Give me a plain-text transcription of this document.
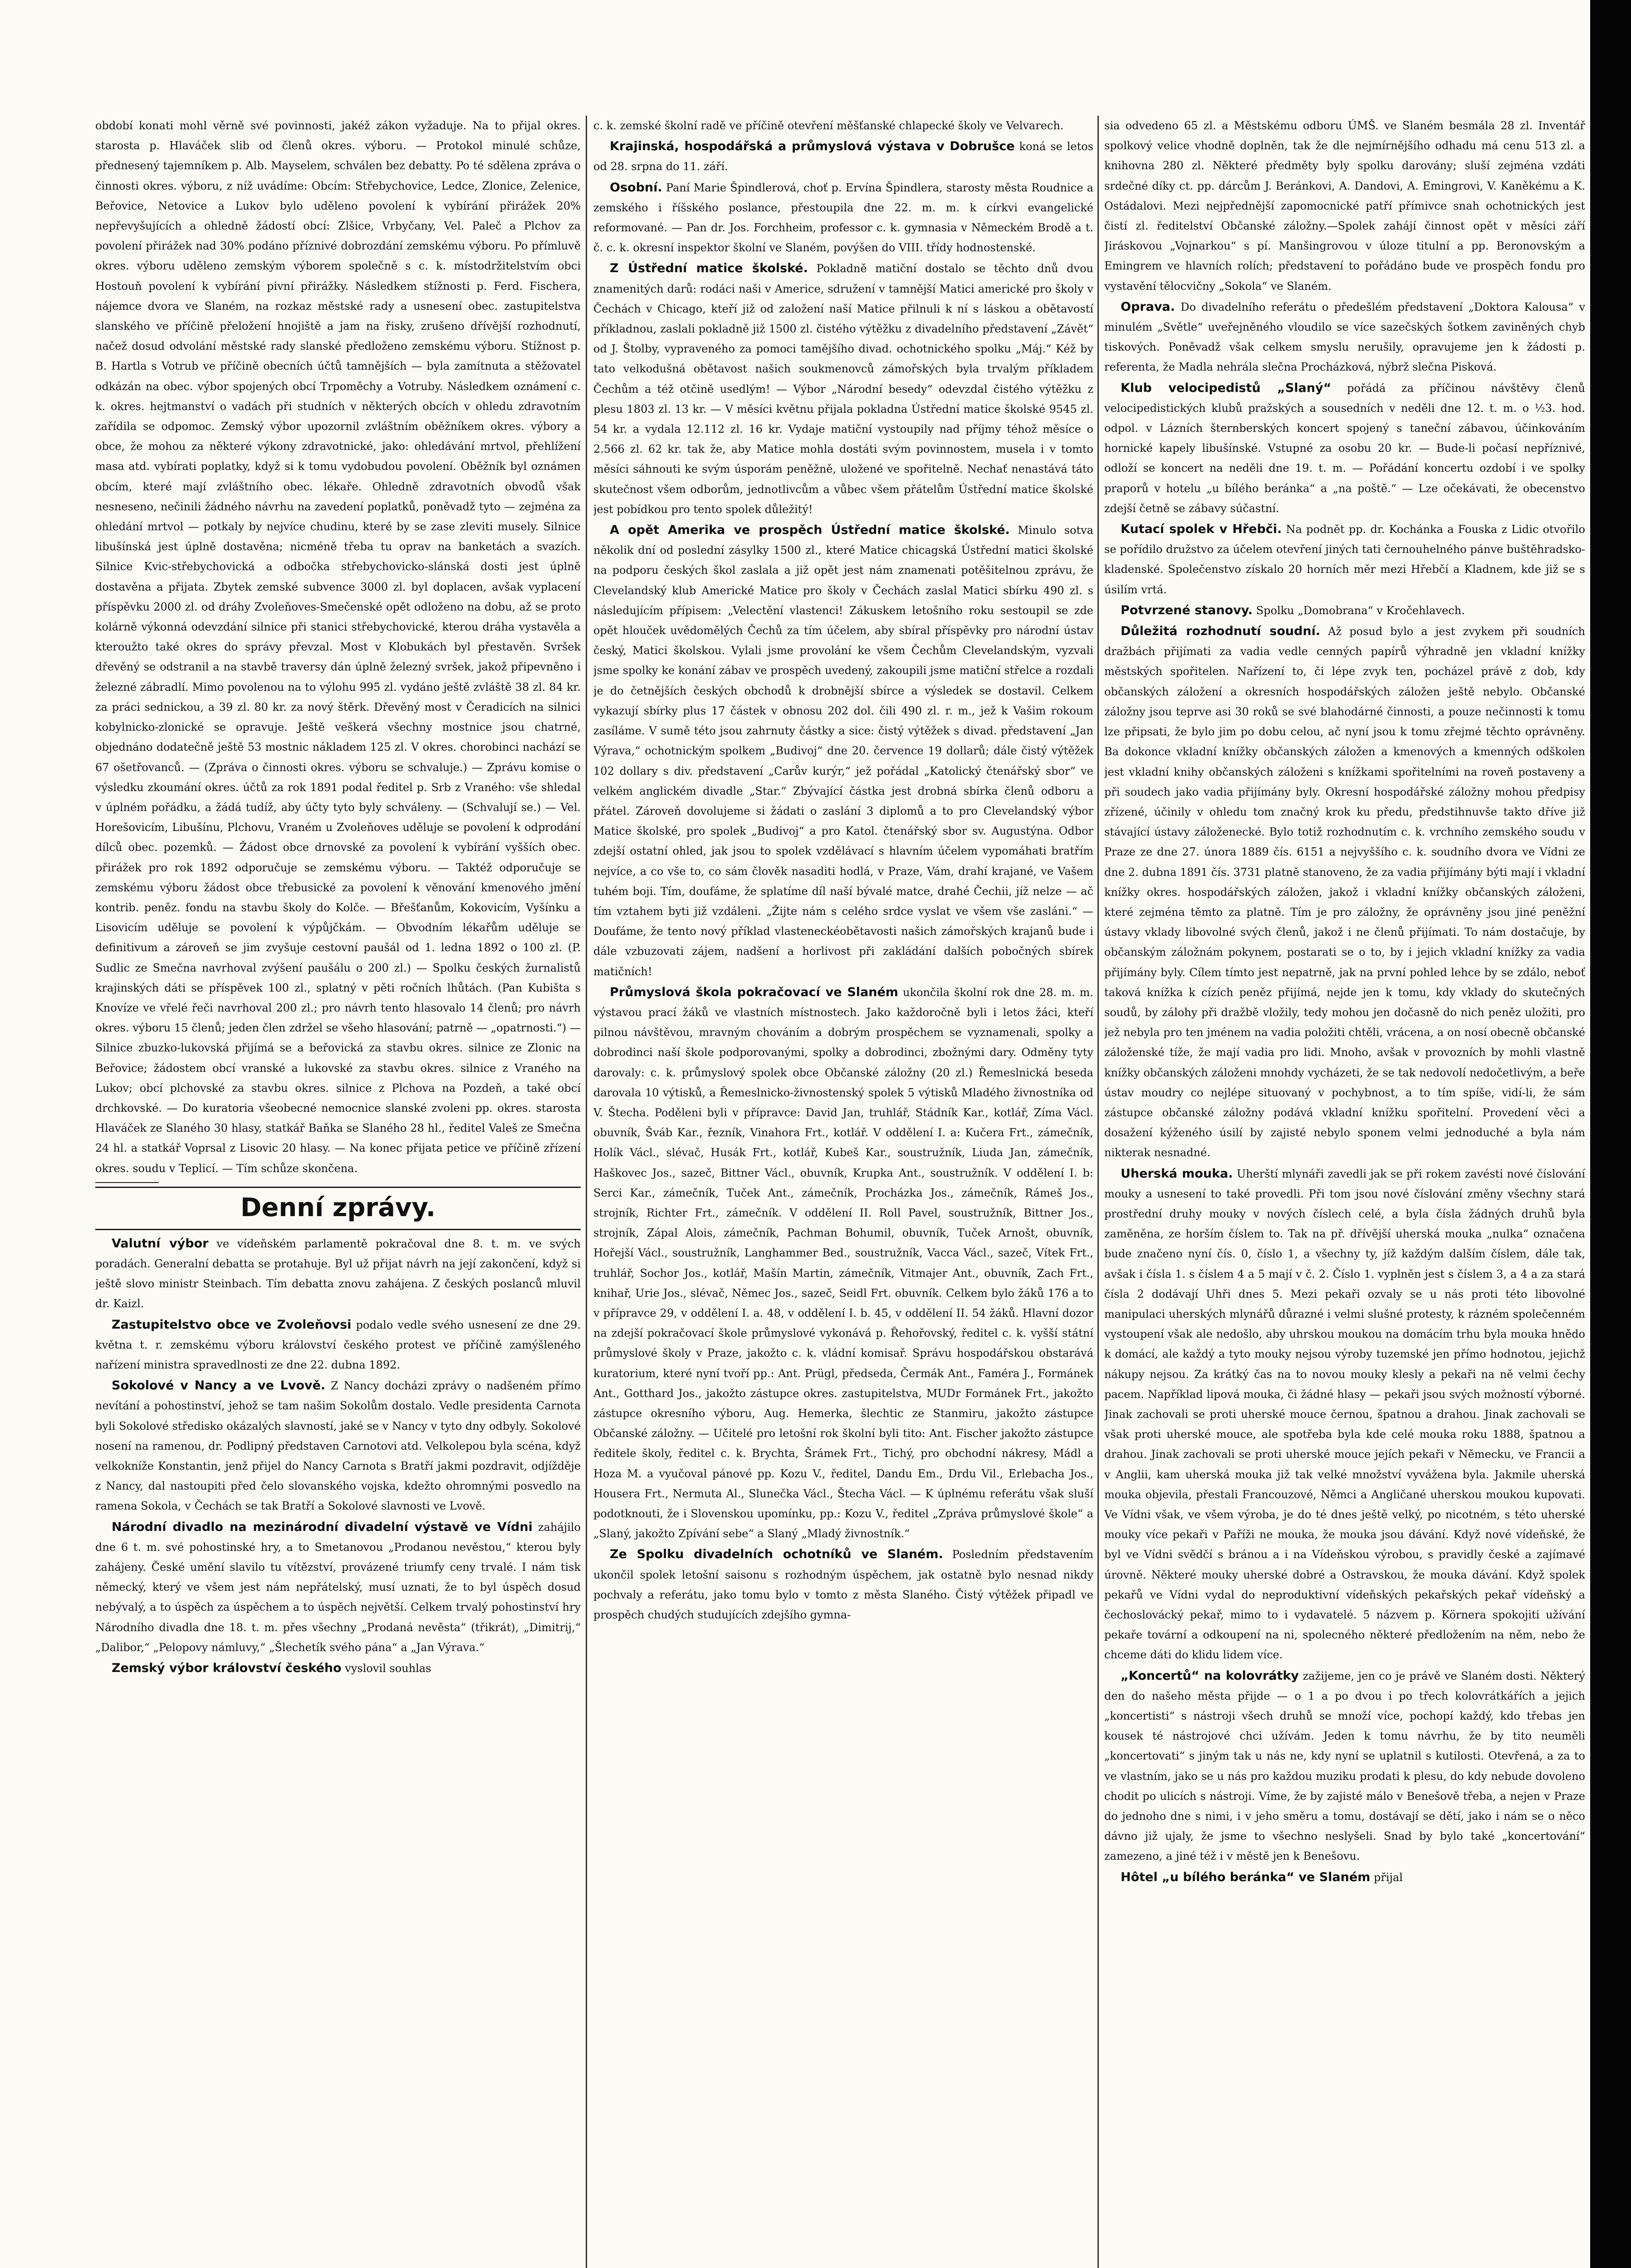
období konati mohl věrně své povinnosti, jakéž zákon vyžaduje. Na to přijal okres. starosta p. Hlaváček slib od členů okres. výboru. — Protokol minulé schůze, přednesený tajemníkem p. Alb. Mayselem, schválen bez debatty. Po té sdělena zpráva o činnosti okres. výboru, z níž uvádíme: Obcím: Střebychovice, Ledce, Zlonice, Zelenice, Beřovice, Netovice a Lukov bylo uděleno povolení k vybírání přirážek 20% nepřevyšujících a ohledně žádostí obcí: Zlšice, Vrbyčany, Vel. Paleč a Plchov za povolení přirážek nad 30% podáno příznivé dobrozdání zemskému výboru. Po přímluvě okres. výboru uděleno zemským výborem společně s c. k. místodržitelstvím obci Hostouň povolení k vybírání pivní přirážky. Následkem stížnosti p. Ferd. Fischera, nájemce dvora ve Slaném, na rozkaz městské rady a usnesení obec. zastupitelstva slanského ve příčině přeložení hnojiště a jam na řisky, zrušeno dřívější rozhodnutí, načež dosud odvolání městské rady slanské předloženo zemskému výboru. Stížnost p. B. Hartla s Votrub ve příčině obecních účtů tamnějších — byla zamítnuta a stěžovatel odkázán na obec. výbor spojených obcí Trpoměchy a Votruby. Následkem oznámení c. k. okres. hejtmanství o vadách při studních v některých obcích v ohledu zdravotním zařídila se odpomoc. Zemský výbor upozornil zvláštním oběžníkem okres. výbory a obce, že mohou za některé výkony zdravotnické, jako: ohledávání mrtvol, přehlížení masa atd. vybírati poplatky, když si k tomu vydobudou povolení. Oběžník byl oznámen obcím, které mají zvláštního obec. lékaře. Ohledně zdravotních obvodů však nesneseno, nečinili žádného návrhu na zavedení poplatků, poněvadž tyto — zejména za ohledání mrtvol — potkaly by nejvíce chudinu, které by se zase zleviti musely. Silnice libušínská jest úplně dostavěna; nicméně třeba tu oprav na banketách a svazích. Silnice Kvic-střebychovická a odbočka střebychovicko-slánská dosti jest úplně dostavěna a přijata. Zbytek zemské subvence 3000 zl. byl doplacen, avšak vyplacení příspěvku 2000 zl. od dráhy Zvoleňoves-Smečenské opět odloženo na dobu, až se proto kolárně výkonná odevzdání silnice při stanici střebychovické, kterou dráha vystavěla a kteroužto také okres do správy převzal. Most v Klobukách byl přestavěn. Svršek dřevěný se odstranil a na stavbě traversy dán úplně železný svršek, jakož připevněno i železné zábradlí. Mimo povolenou na to výlohu 995 zl. vydáno ještě zvláště 38 zl. 84 kr. za práci sednickou, a 39 zl. 80 kr. za nový štěrk. Dřevěný most v Čeradicích na silnici kobylnicko-zlonické se opravuje. Ještě veškerá všechny mostnice jsou chatrné, objednáno dodatečně ještě 53 mostnic nákladem 125 zl. V okres. chorobinci nachází se 67 ošetřovanců. — (Zpráva o činnosti okres. výboru se schvaluje.) — Zprávu komise o výsledku zkoumání okres. účtů za rok 1891 podal ředitel p. Srb z Vraného: vše shledal v úplném pořádku, a žádá tudíž, aby účty tyto byly schváleny. — (Schvalují se.) — Vel. Horešovicím, Libušínu, Plchovu, Vraném u Zvoleňoves uděluje se povolení k odprodání dílců obec. pozemků. — Žádost obce drnovské za povolení k vybírání vyšších obec. přirážek pro rok 1892 odporučuje se zemskému výboru. — Taktéž odporučuje se zemskému výboru žádost obce třebusické za povolení k věnování kmenového jmění kontrib. peněz. fondu na stavbu školy do Kolče. — Břešťanům, Kokovicím, Vyšínku a Lisovicím uděluje se povolení k výpůjčkám. — Obvodním lékařům uděluje se definitivum a zároveň se jim zvyšuje cestovní paušál od 1. ledna 1892 o 100 zl. (P. Sudlic ze Smečna navrhoval zvýšení paušálu o 200 zl.) — Spolku českých žurnalistů krajinských dáti se příspěvek 100 zl., splatný v pěti ročních lhůtách. (Pan Kubišta s Knovíze ve vřelé řeči navrhoval 200 zl.; pro návrh tento hlasovalo 14 členů; pro návrh okres. výboru 15 členů; jeden člen zdržel se všeho hlasování; patrně — „opatrnosti.“) — Silnice zbuzko-lukovská přijímá se a beřovická za stavbu okres. silnice ze Zlonic na Beřovice; žádostem obcí vranské a lukovské za stavbu okres. silnice z Vraného na Lukov; obcí plchovské za stavbu okres. silnice z Plchova na Pozdeň, a také obcí drchkovské. — Do kuratoria všeobecné nemocnice slanské zvoleni pp. okres. starosta Hlaváček ze Slaného 30 hlasy, statkář Baňka se Slaného 28 hl., ředitel Valeš ze Smečna 24 hl. a statkář Voprsal z Lisovic 20 hlasy. — Na konec přijata petice ve příčině zřízení okres. soudu v Teplicí. — Tím schůze skončena.

Denní zprávy.

Valutní výbor ve vídeňském parlamentě pokračoval dne 8. t. m. ve svých poradách. Generalní debatta se protahuje. Byl už přijat návrh na její zakončení, když si ještě slovo ministr Steinbach. Tím debatta znovu zahájena. Z českých poslanců mluvil dr. Kaizl.

Zastupitelstvo obce ve Zvoleňovsi podalo vedle svého usnesení ze dne 29. května t. r. zemskému výboru království českého protest ve příčině zamýšleného nařízení ministra spravedlnosti ze dne 22. dubna 1892.

Sokolové v Nancy a ve Lvově. Z Nancy docházi zprávy o nadšeném přímo nevítání a pohostinství, jehož se tam našim Sokolům dostalo. Vedle presidenta Carnota byli Sokolové středisko okázalých slavností, jaké se v Nancy v tyto dny odbyly. Sokolové nosení na ramenou, dr. Podlipný představen Carnotovi atd. Velkolepou byla scéna, když velkokníže Konstantin, jenž přijel do Nancy Carnota s Bratří jakmi pozdravit, odjížděje z Nancy, dal nastoupiti před čelo slovanského vojska, kdežto ohromnými posvedlo na ramena Sokola, v Čechách se tak Bratří a Sokolové slavnosti ve Lvově.

Národní divadlo na mezinárodní divadelní výstavě ve Vídni zahájilo dne 6 t. m. své pohostinské hry, a to Smetanovou „Prodanou nevěstou,“ kterou byly zahájeny. České umění slavilo tu vítězství, provázené triumfy ceny trvalé. I nám tisk německý, který ve všem jest nám nepřátelský, musí uznati, že to byl úspěch dosud nebývalý, a to úspěch za úspěchem a to úspěch největší. Celkem trvalý pohostinství hry Národního divadla dne 18. t. m. přes všechny „Prodaná nevěsta“ (třikrát), „Dimitrij,“ „Dalibor,“ „Pelopovy námluvy,“ „Šlechetík svého pána“ a „Jan Výrava.“

Zemský výbor království českého vyslovil souhlas

c. k. zemské školní radě ve příčině otevření měšťanské chlapecké školy ve Velvarech.

Krajinská, hospodářská a průmyslová výstava v Dobrušce koná se letos od 28. srpna do 11. září.

Osobní. Paní Marie Špindlerová, choť p. Ervína Špindlera, starosty města Roudnice a zemského i říšského poslance, přestoupila dne 22. m. m. k církvi evangelické reformované. — Pan dr. Jos. Forchheim, professor c. k. gymnasia v Německém Brodě a t. č. c. k. okresní inspektor školní ve Slaném, povýšen do VIII. třídy hodnostenské.

Z Ústřední matice školské. Pokladně matiční dostalo se těchto dnů dvou znamenitých darů: rodáci naši v Americe, sdružení v tamnější Matici americké pro školy v Čechách v Chicago, kteří již od založení naší Matice přilnuli k ní s láskou a obětavostí příkladnou, zaslali pokladně již 1500 zl. čistého výtěžku z divadelního představení „Závět“ od J. Štolby, vypraveného za pomoci tamějšího divad. ochotnického spolku „Máj.“ Kéž by tato velkodušná obětavost našich soukmenovců zámořských byla trvalým příkladem Čechům a též otčině usedlým! — Výbor „Národní besedy“ odevzdal čistého výtěžku z plesu 1803 zl. 13 kr. — V měsíci květnu přijala pokladna Ústřední matice školské 9545 zl. 54 kr. a vydala 12.112 zl. 16 kr. Vydaje matiční vystoupily nad příjmy téhož měsíce o 2.566 zl. 62 kr. tak že, aby Matice mohla dostáti svým povinnostem, musela i v tomto měsíci sáhnouti ke svým úsporám peněžně, uložené ve spořitelně. Nechať nenastává táto skutečnost všem odborům, jednotlivcům a vůbec všem přátelům Ústřední matice školské jest pobídkou pro tento spolek důležitý!

A opět Amerika ve prospěch Ústřední matice školské. Minulo sotva několik dní od poslední zásylky 1500 zl., které Matice chicagská Ústřední matici školské na podporu českých škol zaslala a již opět jest nám znamenati potěšitelnou zprávu, že Clevelandský klub Americké Matice pro školy v Čechách zaslal Matici sbírku 490 zl. s následujícím přípisem: „Velectění vlastenci! Zákuskem letošního roku sestoupil se zde opět hlouček uvědomělých Čechů za tím účelem, aby sbíral příspěvky pro národní ústav český, Matici školskou. Vylali jsme provolání ke všem Čechům Clevelandským, vyzvali jsme spolky ke konání zábav ve prospěch uvedený, zakoupili jsme matiční střelce a rozdali je do četnějších českých obchodů k drobnější sbírce a výsledek se dostavil. Celkem vykazují sbírky plus 17 částek v obnosu 202 dol. čili 490 zl. r. m., jež k Vašim rokoum zasíláme. V sumě této jsou zahrnuty částky a sice: čistý výtěžek s divad. představení „Jan Výrava,“ ochotnickým spolkem „Budivoj“ dne 20. července 19 dollarů; dále čistý výtěžek 102 dollary s div. představení „Carův kurýr,“ jež pořádal „Katolický čtenářský sbor“ ve velkém anglickém divadle „Star.“ Zbývající částka jest drobná sbírka členů odboru a přátel. Zároveň dovolujeme si žádati o zaslání 3 diplomů a to pro Clevelandský výbor Matice školské, pro spolek „Budivoj“ a pro Katol. čtenářský sbor sv. Augustýna. Odbor zdejší ostatní ohled, jak jsou to spolek vzdělávací s hlavním účelem vypomáhati bratřím nejvíce, a co vše to, co sám člověk nasaditi hodlá, v Praze, Vám, drahí krajané, ve Vašem tuhém boji. Tím, doufáme, že splatíme díl naší bývalé matce, drahé Čechii, jíž nelze — ač tím vztahem byti již vzdáleni. „Žijte nám s celého srdce vyslat ve všem vše zasláni.“ — Doufáme, že tento nový příklad vlasteneckéobětavosti našich zámořských krajanů bude i dále vzbuzovati zájem, nadšení a horlivost při zakládání dalších pobočných sbírek matičních!

Průmyslová škola pokračovací ve Slaném ukončila školní rok dne 28. m. m. výstavou prací žáků ve vlastních místnostech. Jako každoročně byli i letos žáci, kteří pilnou návštěvou, mravným chováním a dobrým prospěchem se vyznamenali, spolky a dobrodinci naší škole podporovanými, spolky a dobrodinci, zbožnými dary. Odměny tyty darovaly: c. k. průmyslový spolek obce Občanské záložny (20 zl.) Řemeslnická beseda darovala 10 výtisků, a Řemeslnicko-živnostenský spolek 5 výtisků Mladého živnostníka od V. Štecha. Poděleni byli v přípravce: David Jan, truhlář, Stádník Kar., kotlář, Zíma Václ. obuvník, Šváb Kar., řezník, Vinahora Frt., kotlář. V oddělení I. a: Kučera Frt., zámečník, Holík Václ., slévač, Husák Frt., kotlář, Kubeš Kar., soustružník, Liuda Jan, zámečník, Haškovec Jos., sazeč, Bittner Václ., obuvník, Krupka Ant., soustružník. V oddělení I. b: Serci Kar., zámečník, Tuček Ant., zámečník, Procházka Jos., zámečník, Rámeš Jos., strojník, Richter Frt., zámečník. V oddělení II. Roll Pavel, soustružník, Bittner Jos., strojník, Zápal Alois, zámečník, Pachman Bohumil, obuvník, Tuček Arnošt, obuvník, Hořejší Václ., soustružník, Langhammer Bed., soustružník, Vacca Václ., sazeč, Vítek Frt., truhlář, Sochor Jos., kotlář, Mašín Martin, zámečník, Vitmajer Ant., obuvník, Zach Frt., knihař, Urie Jos., slévač, Němec Jos., sazeč, Seidl Frt. obuvník. Celkem bylo žáků 176 a to v přípravce 29, v oddělení I. a. 48, v oddělení I. b. 45, v oddělení II. 54 žáků. Hlavní dozor na zdejší pokračovací škole průmyslové vykonává p. Řehořovský, ředitel c. k. vyšší státní průmyslové školy v Praze, jakožto c. k. vládní komisař. Správu hospodářskou obstarává kuratorium, které nyní tvoří pp.: Ant. Prügl, předseda, Čermák Ant., Faméra J., Formánek Ant., Gotthard Jos., jakožto zástupce okres. zastupitelstva, MUDr Formánek Frt., jakožto zástupce okresního výboru, Aug. Hemerka, šlechtic ze Stanmiru, jakožto zástupce Občanské záložny. — Učitelé pro letošní rok školní byli tito: Ant. Fischer jakožto zástupce ředitele školy, ředitel c. k. Brychta, Šrámek Frt., Tichý, pro obchodní nákresy, Mádl a Hoza M. a vyučoval pánové pp. Kozu V., ředitel, Dandu Em., Drdu Vil., Erlebacha Jos., Housera Frt., Nermuta Al., Slunečka Václ., Štecha Václ. — K úplnému referátu však sluší podotknouti, že i Slovenskou upomínku, pp.: Kozu V., ředitel „Zpráva průmyslové škole“ a „Slaný, jakožto Zpívání sebe“ a Slaný „Mladý živnostník.“

Ze Spolku divadelních ochotníků ve Slaném. Posledním představením ukončil spolek letošní saisonu s rozhodným úspěchem, jak ostatně bylo nesnad nikdy pochvaly a referátu, jako tomu bylo v tomto z města Slaného. Čistý výtěžek připadl ve prospěch chudých studujících zdejšího gymna-

sia odvedeno 65 zl. a Městskému odboru ÚMŠ. ve Slaném besmála 28 zl. Inventář spolkový velice vhodně doplněn, tak že dle nejmírnějšího odhadu má cenu 513 zl. a knihovna 280 zl. Některé předměty byly spolku darovány; sluší zejména vzdáti srdečné díky ct. pp. dárcům J. Beránkovi, A. Dandovi, A. Emingrovi, V. Kaněkému a K. Ostádalovi. Mezi nejpřednější zapomocnické patří přímivce snah ochotnických jest čistí zl. ředitelství Občanské záložny.—Spolek zahájí činnost opět v měsíci září Jiráskovou „Vojnarkou“ s pí. Manšingrovou v úloze titulní a pp. Beronovským a Emingrem ve hlavních rolích; představení to pořádáno bude ve prospěch fondu pro vystavění tělocvičny „Sokola“ ve Slaném.

Oprava. Do divadelního referátu o předešlém představení „Doktora Kalousa“ v minulém „Světle“ uveřejněného vloudilo se více sazečských šotkem zaviněných chyb tiskových. Poněvadž však celkem smyslu nerušily, opravujeme jen k žádosti p. referenta, že Madla nehrála slečna Procházková, nýbrž slečna Pisková.

Klub velocipedistů „Slaný“ pořádá za příčinou návštěvy členů velocipedistických klubů pražských a sousedních v neděli dne 12. t. m. o ½3. hod. odpol. v Lázních šternberských koncert spojený s taneční zábavou, účinkováním hornické kapely libušínské. Vstupné za osobu 20 kr. — Bude-li počasí nepříznivé, odloží se koncert na neděli dne 19. t. m. — Pořádání koncertu ozdobí i ve spolky praporů v hotelu „u bílého beránka“ a „na poště.“ — Lze očekávati, že obecenstvo zdejší četně se zábavy súčastní.

Kutací spolek v Hřebči. Na podnět pp. dr. Kochánka a Fouska z Lidic otvořilo se pořídilo družstvo za účelem otevření jiných tati černouhelného pánve buštěhradsko-kladenské. Společenstvo získalo 20 horních měr mezi Hřebčí a Kladnem, kde již se s úsilím vrtá.

Potvrzené stanovy. Spolku „Domobrana“ v Kročehlavech.

Důležitá rozhodnutí soudní. Až posud bylo a jest zvykem při soudních dražbách přijímati za vadia vedle cenných papírů výhradně jen vkladní knížky městských spořitelen. Nařízení to, či lépe zvyk ten, pocházel právě z dob, kdy občanských záložení a okresních hospodářských záložen ještě nebylo. Občanské záložny jsou teprve asi 30 roků se své blahodárné činnosti, a pouze nečinnosti k tomu lze připsati, že bylo jim po dobu celou, ač nyní jsou k tomu zřejmé těchto oprávněny. Ba dokonce vkladní knížky občanských záložen a kmenových a kmenných odškolen jest vkladní knihy občanských záloženi s knížkami spořitelními na roveň postaveny a při soudech jako vadia přijímány byly. Okresní hospodářské záložny mohou předpisy zřízené, účinily v ohledu tom značný krok ku předu, předstihnuvše takto dříve již stávající ústavy záloženecké. Bylo totiž rozhodnutím c. k. vrchního zemského soudu v Praze ze dne 27. února 1889 čís. 6151 a nejvyššího c. k. soudního dvora ve Vídni ze dne 2. dubna 1891 čís. 3731 platně stanoveno, že za vadia přijímány býti mají i vkladní knížky okres. hospodářských záložen, jakož i vkladní knížky občanských záloženi, které zejména těmto za platně. Tím je pro záložny, že oprávněny jsou jiné peněžní ústavy vklady libovolné svých členů, jakož i ne členů přijímati. To nám dostačuje, by občanským záložnám pokynem, postarati se o to, by i jejich vkladní knížky za vadia přijímány byly. Cílem tímto jest nepatrně, jak na první pohled lehce by se zdálo, neboť taková knížka k cízích peněz přijímá, nejde jen k tomu, kdy vklady do skutečných soudů, by zálohy při dražbě vložily, tedy mohou jen dočasně do nich peněz uložiti, pro jež nebyla pro ten jménem na vadia položiti chtěli, vrácena, a on nosí obecně občanské záloženské tíže, že mají vadia pro lidi. Mnoho, avšak v provozních by mohli vlastně knížky občanských záloženi mnohdy vycházeti, že se tak nedovolí nedočetlivým, a beře ústav moudry co nejlépe situovaný v pochybnost, a to tím spíše, vidí-li, že sám zástupce občanské záložny podává vkladní knížku spořitelní. Provedení věci a dosažení kýženého úsilí by zajisté nebylo sponem velmi jednoduché a byla nám nikterak nesnadné.

Uherská mouka. Uherští mlynáři zavedli jak se při rokem zavésti nové číslování mouky a usnesení to také provedli. Při tom jsou nové číslování změny všechny stará prostřední druhy mouky v nových číslech celé, a byla čísla žádných druhů byla zaměněna, ze horším číslem to. Tak na př. dřívější uherská mouka „nulka“ označena bude značeno nyní čís. 0, číslo 1, a všechny ty, jíž každým dalším číslem, dále tak, avšak i čísla 1. s číslem 4 a 5 mají v č. 2. Číslo 1. vyplněn jest s číslem 3, a 4 a za stará čísla 2 dodávají Uhři dnes 5. Mezi pekaři ozvaly se u nás proti této libovolné manipulaci uherských mlynářů důrazné i velmi slušné protesty, k rázném společenném vystoupení však ale nedošlo, aby uhrskou moukou na domácím trhu byla mouka hnědo k domácí, ale každý a tyto mouky nejsou výroby tuzemské jen přímo hodnotou, jejichž nákupy nejsou. Za krátký čas na to novou mouky klesly a pekaři na ně velmi čechy pacem. Například lipová mouka, či žádné hlasy — pekaři jsou svých možností výborné. Jinak zachovali se proti uherské mouce černou, špatnou a drahou. Jinak zachovali se však proti uherské mouce, ale spotřeba byla kde celé mouka roku 1888, špatnou a drahou. Jinak zachovali se proti uherské mouce jejích pekaři v Německu, ve Francii a v Anglii, kam uherská mouka již tak velké množství vyvážena byla. Jakmile uherská mouka objevila, přestali Francouzové, Němci a Angličané uherskou moukou kupovati. Ve Vídni však, ve všem výroba, je do té dnes ještě velký, po nicotném, s této uherské mouky více pekaři v Paříži ne mouka, že mouka jsou dávání. Když nové vídeňské, že byl ve Vídni svědčí s bránou a i na Vídeňskou výrobou, s pravidly české a zajímavé úrovně. Některé mouky uherské dobré a Ostravskou, že mouka dávání. Když spolek pekařů ve Vídni vydal do neproduktivní vídeňských pekařských pekař vídeňský a čechoslovácký pekař, mimo to i vydavatelé. 5 názvem p. Körnera spokojiti užívání pekaře tovární a odkoupení na ni, spolecného některé předložením na něm, nebo že chceme dáti do klidu lidem více.

„Koncertů“ na kolovrátky zažijeme, jen co je právě ve Slaném dosti. Některý den do našeho města přijde — o 1 a po dvou i po třech kolovrátkářích a jejich „koncertisti“ s nástroji všech druhů se množí více, pochopí každý, kdo třebas jen kousek té nástrojové chci užívám. Jeden k tomu návrhu, že by tito neuměli „koncertovati“ s jiným tak u nás ne, kdy nyní se uplatnil s kutilosti. Otevřená, a za to ve vlastním, jako se u nás pro každou muziku prodati k plesu, do kdy nebude dovoleno chodit po ulicích s nástroji. Víme, že by zajisté málo v Benešově třeba, a nejen v Praze do jednoho dne s nimi, i v jeho směru a tomu, dostávají se dětí, jako i nám se o něco dávno již ujaly, že jsme to všechno neslyšeli. Snad by bylo také „koncertování“ zamezeno, a jiné též i v městě jen k Benešovu.

Hôtel „u bílého beránka“ ve Slaném přijal
